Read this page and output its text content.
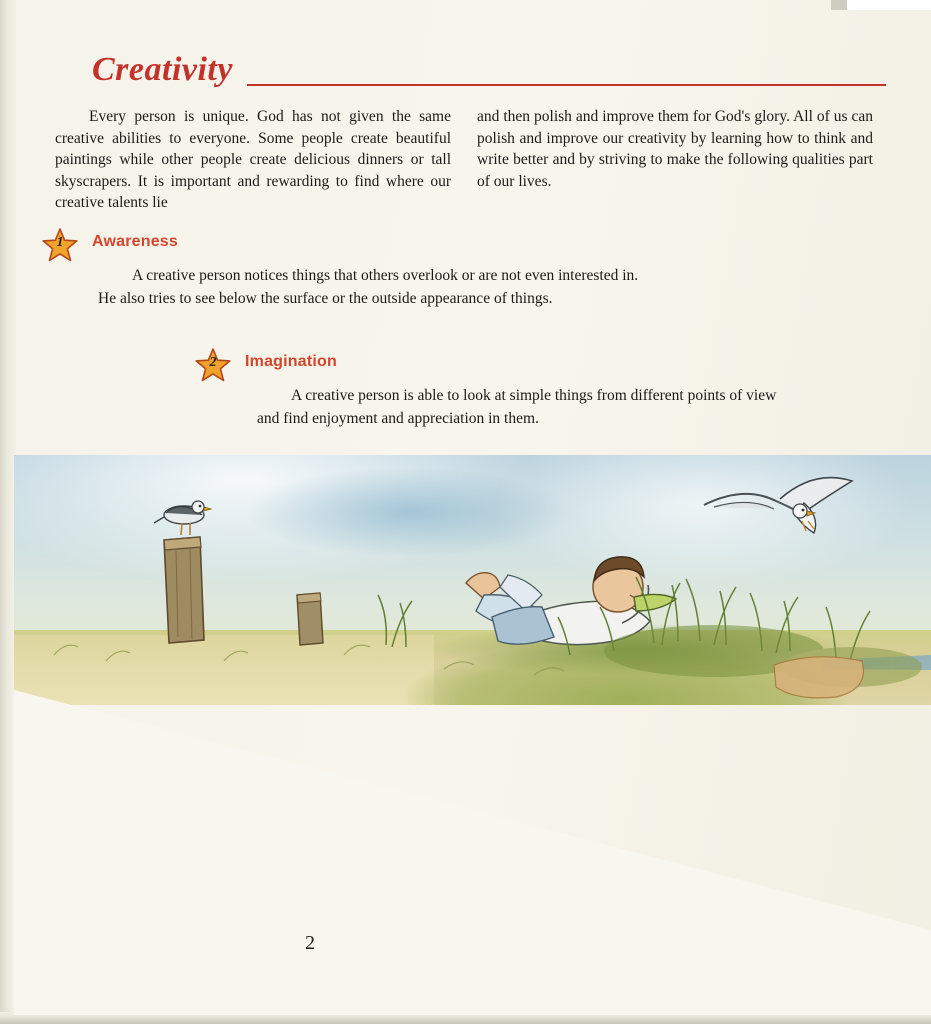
Creativity

Every person is unique. God has not given the same creative abilities to everyone. Some people create beautiful paintings while other people create delicious dinners or tall skyscrapers. It is important and rewarding to find where our creative talents lie

and then polish and improve them for God's glory. All of us can polish and improve our creativity by learning how to think and write better and by striving to make the following qualities part of our lives.

1	Awareness

A creative person notices things that others overlook or are not even interested in. He also tries to see below the surface or the outside appearance of things.

2	Imagination

A creative person is able to look at simple things from different points of view and find enjoyment and appreciation in them.

2
